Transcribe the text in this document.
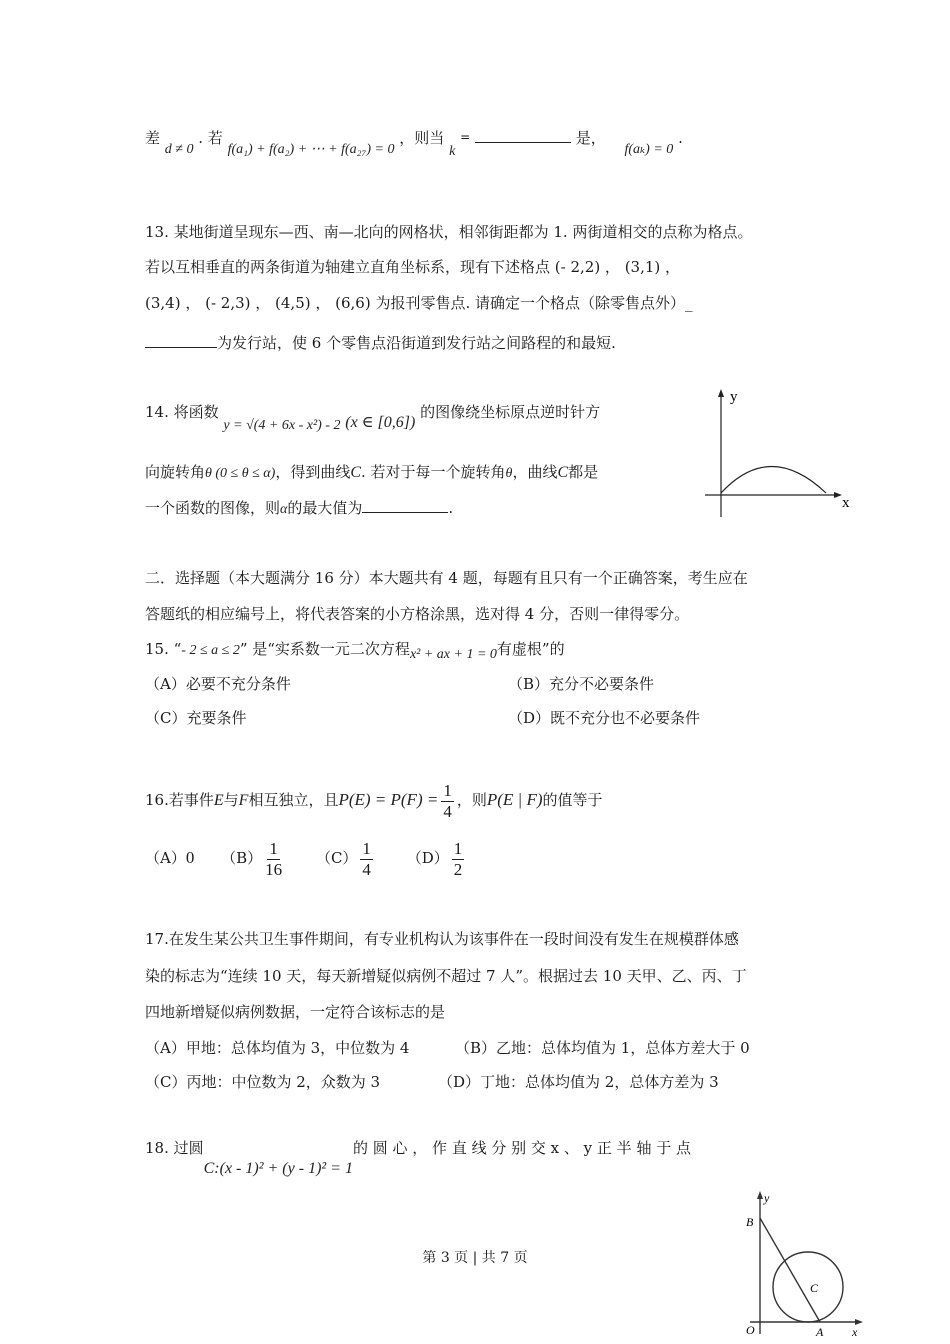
差 d ≠ 0 . 若 f(a₁) + f(a₂) + ⋯ + f(a₂₇) = 0 ，则当 k =	是， f(aₖ) = 0 .
13. 某地街道呈现东—西、南—北向的网格状，相邻街距都为 1. 两街道相交的点称为格点。
若以互相垂直的两条街道为轴建立直角坐标系，现有下述格点 (- 2,2) ， (3,1) ，
(3,4) ， (- 2,3) ， (4,5) ， (6,6) 为报刊零售点. 请确定一个格点（除零售点外）_
为发行站，使 6 个零售点沿街道到发行站之间路程的和最短.
14. 将函数 y = √(4 + 6x - x²) - 2 (x ∈ [0,6]) 的图像绕坐标原点逆时针方
向旋转角θ (0 ≤ θ ≤ α)，得到曲线C. 若对于每一个旋转角θ，曲线C都是
一个函数的图像，则α的最大值为	.
y
x
二．选择题（本大题满分 16 分）本大题共有 4 题，每题有且只有一个正确答案，考生应在
答题纸的相应编号上，将代表答案的小方格涂黑，选对得 4 分，否则一律得零分。
15. “- 2 ≤ a ≤ 2” 是“实系数一元二次方程x² + ax + 1 = 0有虚根”的
（A）必要不充分条件	（B）充分不必要条件
（C）充要条件	（D）既不充分也不必要条件
16.若事件E与F相互独立，且$P(E) = P(F) = \frac{1}{4}$ ，则P(E | F)的值等于
（A）0 $(B) \frac{1}{16} (C) \frac{1}{4} (D) \frac{1}{2}$
17.在发生某公共卫生事件期间，有专业机构认为该事件在一段时间没有发生在规模群体感
染的标志为“连续 10 天，每天新增疑似病例不超过 7 人”。根据过去 10 天甲、乙、丙、丁
四地新增疑似病例数据，一定符合该标志的是
（A）甲地：总体均值为 3，中位数为 4	（B）乙地：总体均值为 1，总体方差大于 0
（C）丙地：中位数为 2，众数为 3	（D）丁地：总体均值为 2，总体方差为 3
18. 过圆C:(x - 1)² + (y - 1)² = 1的 圆 心 ， 作 直 线 分 别 交 x 、 y 正 半 轴 于 点
y
B
C
O	A x
第 3 页 | 共 7 页
